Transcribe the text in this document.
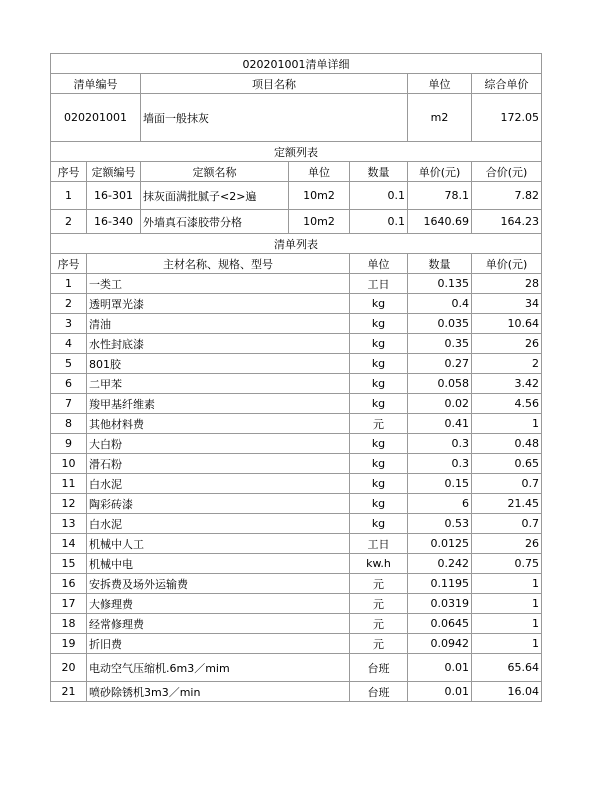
020201001清单详细							
清单编号		项目名称			单位	综合单价	
020201001		墙面一般抹灰			m2	172.05	
定额列表							
序号	定额编号	定额名称	单位	数量	单价(元)	合价(元)	
1	16-301	抹灰面满批腻子<2>遍	10m2	0.1	78.1	7.82	
2	16-340	外墙真石漆胶带分格	10m2	0.1	1640.69	164.23	
清单列表							
序号	主材名称、规格、型号			单位	数量	单价(元)	
1	一类工			工日	0.135	28	
2	透明罩光漆			kg	0.4	34	
3	清油			kg	0.035	10.64	
4	水性封底漆			kg	0.35	26	
5	801胶			kg	0.27	2	
6	二甲苯			kg	0.058	3.42	
7	羧甲基纤维素			kg	0.02	4.56	
8	其他材料费			元	0.41	1	
9	大白粉			kg	0.3	0.48	
10	滑石粉			kg	0.3	0.65	
11	白水泥			kg	0.15	0.7	
12	陶彩砖漆			kg	6	21.45	
13	白水泥			kg	0.53	0.7	
14	机械中人工			工日	0.0125	26	
15	机械中电			kw.h	0.242	0.75	
16	安拆费及场外运输费			元	0.1195	1	
17	大修理费			元	0.0319	1	
18	经常修理费			元	0.0645	1	
19	折旧费			元	0.0942	1	
20	电动空气压缩机.6m3／mim			台班	0.01	65.64	
21	喷砂除锈机3m3／min			台班	0.01	16.04	
